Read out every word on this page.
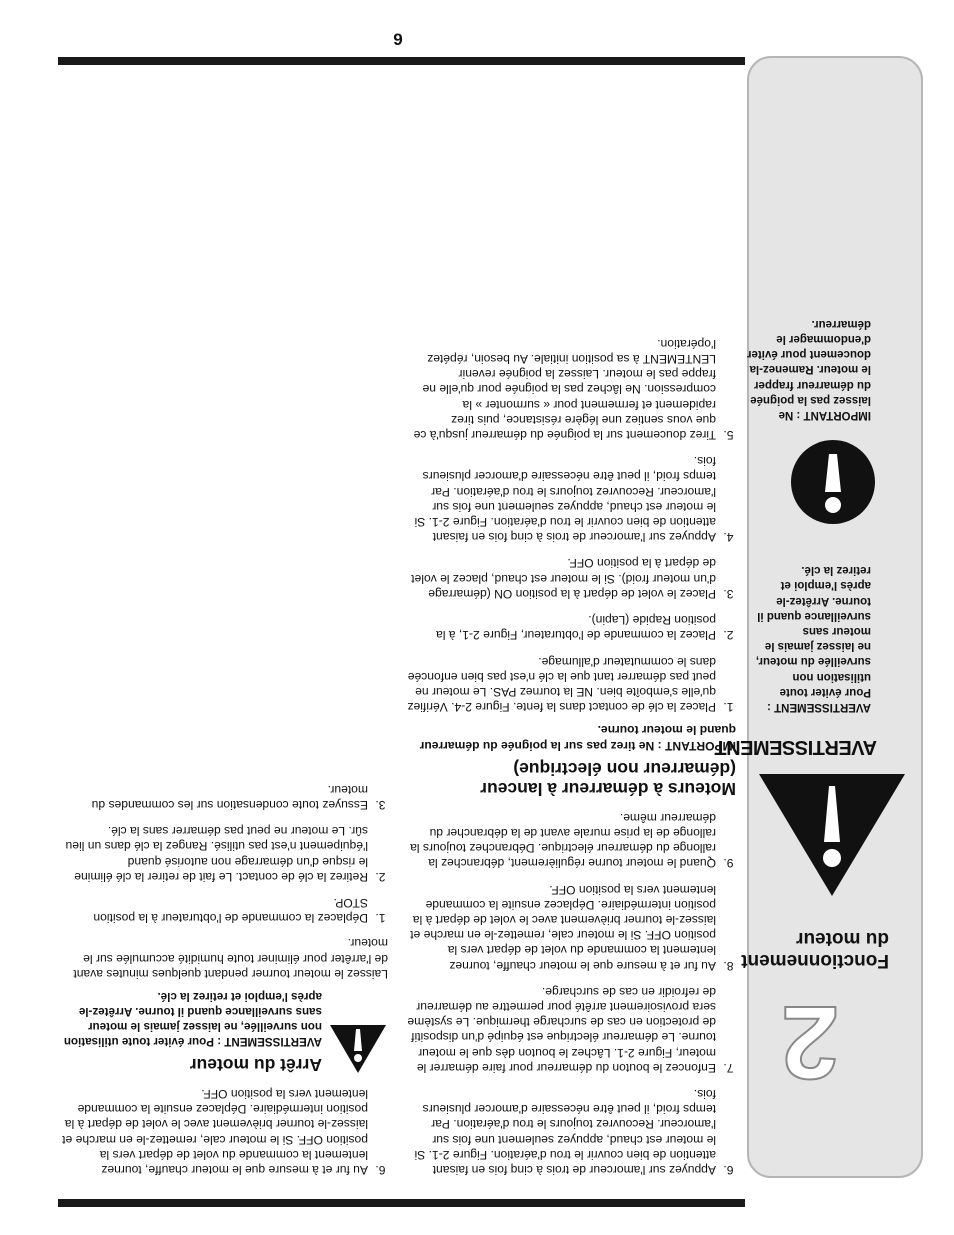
9
2
Fonctionnement du moteur
AVERTISSEMENT
AVERTISSEMENT : Pour éviter toute utilisation non surveillée du moteur, ne laissez jamais le moteur sans surveillance quand il tourne. Arrêtez-le après l'emploi et retirez la clé.
IMPORTANT : Ne laissez pas la poignée du démarreur frapper le moteur. Ramenez-la doucement pour éviter d'endommager le démarreur.
6. Appuyez sur l'amorceur de trois à cinq fois en faisant attention de bien couvrir le trou d'aération. Figure 2-1. Si le moteur est chaud, appuyez seulement une fois sur l'amorceur. Recouvrez toujours le trou d'aération. Par temps froid, il peut être nécessaire d'amorcer plusieurs fois.
7. Enfoncez le bouton du démarreur pour faire démarrer le moteur, Figure 2-1. Lâchez le bouton dès que le moteur tourne. Le démarreur électrique est équipé d'un dispositif de protection en cas de surcharge thermique. Le système sera provisoirement arrêté pour permettre au démarreur de refroidir en cas de surcharge.
8. Au fur et à mesure que le moteur chauffe, tournez lentement la commande du volet de départ vers la position OFF. Si le moteur cale, remettez-le en marche et laissez-le tourner brièvement avec le volet de départ à la position intermédiaire. Déplacez ensuite la commande lentement vers la position OFF.
9. Quand le moteur tourne régulièrement, débranchez la rallonge du démarreur électrique. Débranchez toujours la rallonge de la prise murale avant de la débrancher du démarreur même.
Moteurs à démarreur à lanceur (démarreur non électrique)
IMPORTANT : Ne tirez pas sur la poignée du démarreur quand le moteur tourne.
1. Placez la clé de contact dans la fente. Figure 2-4. Vérifiez qu'elle s'emboîte bien. NE la tournez PAS. Le moteur ne peut pas démarrer tant que la clé n'est pas bien enfoncée dans le commutateur d'allumage.
2. Placez la commande de l'obturateur, Figure 2-1, à la position Rapide (Lapin).
3. Placez le volet de départ à la position ON (démarrage d'un moteur froid). Si le moteur est chaud, placez le volet de départ à la position OFF.
4. Appuyez sur l'amorceur de trois à cinq fois en faisant attention de bien couvrir le trou d'aération. Figure 2-1. Si le moteur est chaud, appuyez seulement une fois sur l'amorceur. Recouvrez toujours le trou d'aération. Par temps froid, il peut être nécessaire d'amorcer plusieurs fois.
5. Tirez doucement sur la poignée du démarreur jusqu'à ce que vous sentiez une légère résistance, puis tirez rapidement et fermement pour « surmonter » la compression. Ne lâchez pas la poignée pour qu'elle ne frappe pas le moteur. Laissez la poignée revenir LENTEMENT à sa position initiale. Au besoin, répétez l'opération.
6. Au fur et à mesure que le moteur chauffe, tournez lentement la commande du volet de départ vers la position OFF. Si le moteur cale, remettez-le en marche et laissez-le tourner brièvement avec le volet de départ à la position intermédiaire. Déplacez ensuite la commande lentement vers la position OFF.
Arrêt du moteur
AVERTISSEMENT : Pour éviter toute utilisation non surveillée, ne laissez jamais le moteur sans surveillance quand il tourne. Arrêtez-le après l'emploi et retirez la clé.

Laissez le moteur tourner pendant quelques minutes avant de l'arrêter pour éliminer toute humidité accumulée sur le moteur.

1. Déplacez la commande de l'obturateur à la position STOP.
2. Retirez la clé de contact. Le fait de retirer la clé élimine le risque d'un démarrage non autorisé quand l'équipement n'est pas utilisé. Rangez la clé dans un lieu sûr. Le moteur ne peut pas démarrer sans la clé.
3. Essuyez toute condensation sur les commandes du moteur.
